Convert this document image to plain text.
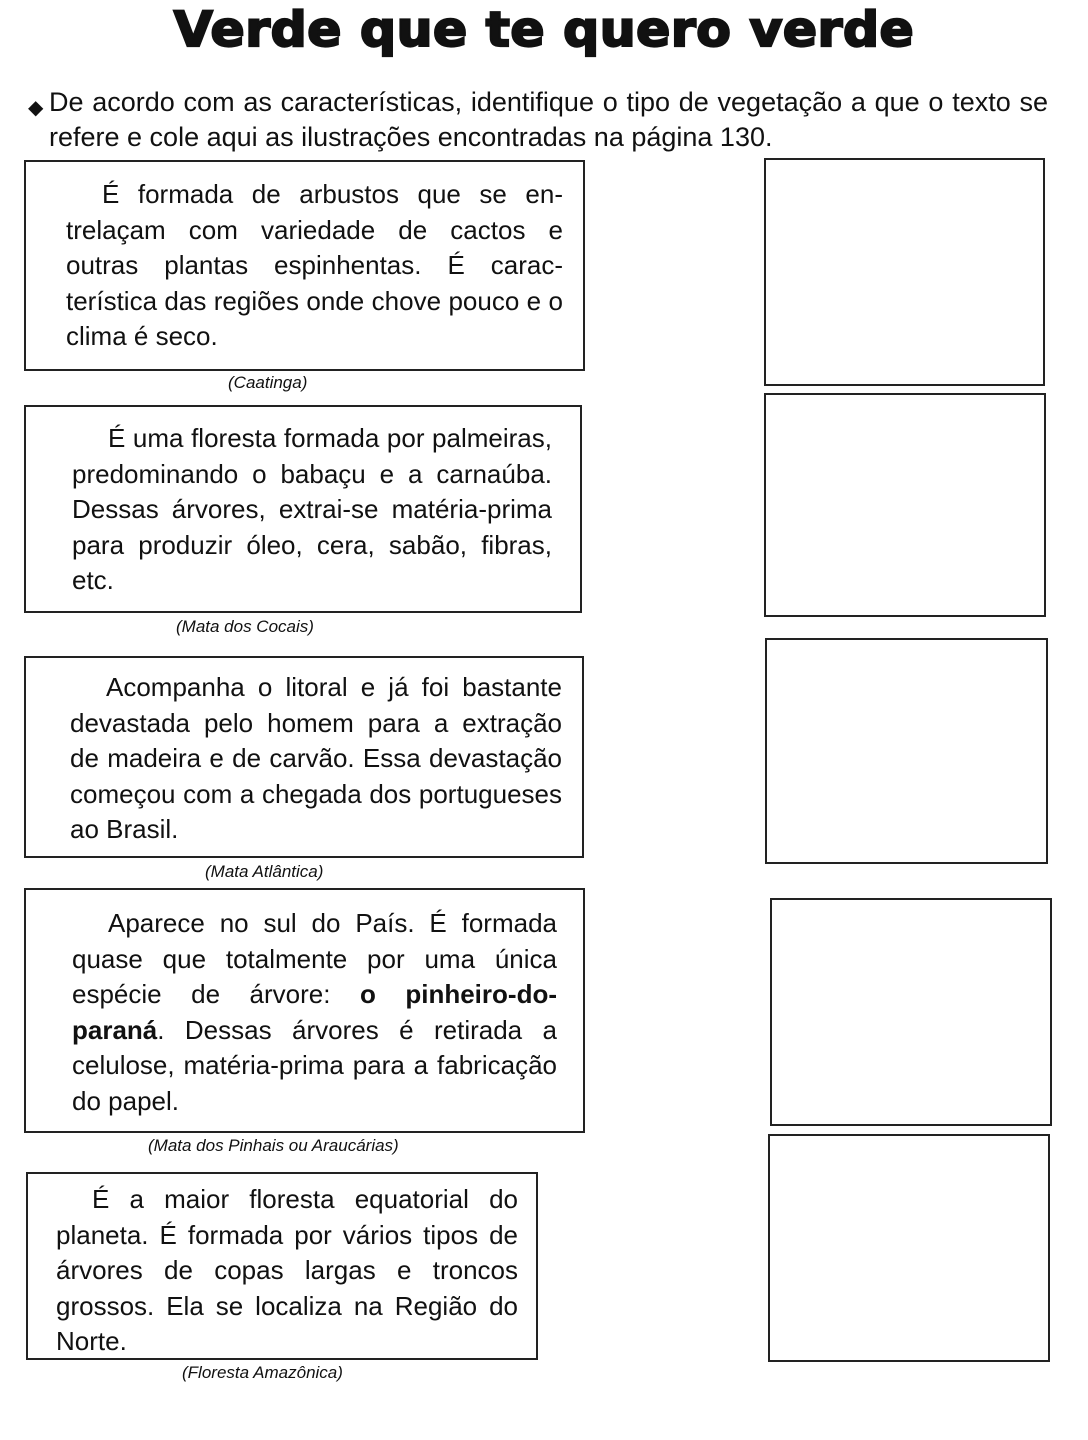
Verde que te quero verde
◆ De acordo com as características, identifique o tipo de vegetação a que o texto se refere e cole aqui as ilustrações encontradas na página 130.

É formada de arbustos que se entrelaçam com variedade de cactos e outras plantas espinhentas. É característica das regiões onde chove pouco e o clima é seco.

(Caatinga)

É uma floresta formada por palmeiras, predominando o babaçu e a carnaúba. Dessas árvores, extrai-se matéria-prima para produzir óleo, cera, sabão, fibras, etc.

(Mata dos Cocais)

Acompanha o litoral e já foi bastante devastada pelo homem para a extração de madeira e de carvão. Essa devastação começou com a chegada dos portugueses ao Brasil.

(Mata Atlântica)

Aparece no sul do País. É formada quase que totalmente por uma única espécie de árvore: o pinheiro-do-paraná. Dessas árvores é retirada a celulose, matéria-prima para a fabricação do papel.

(Mata dos Pinhais ou Araucárias)

É a maior floresta equatorial do planeta. É formada por vários tipos de árvores de copas largas e troncos grossos. Ela se localiza na Região do Norte.

(Floresta Amazônica)
